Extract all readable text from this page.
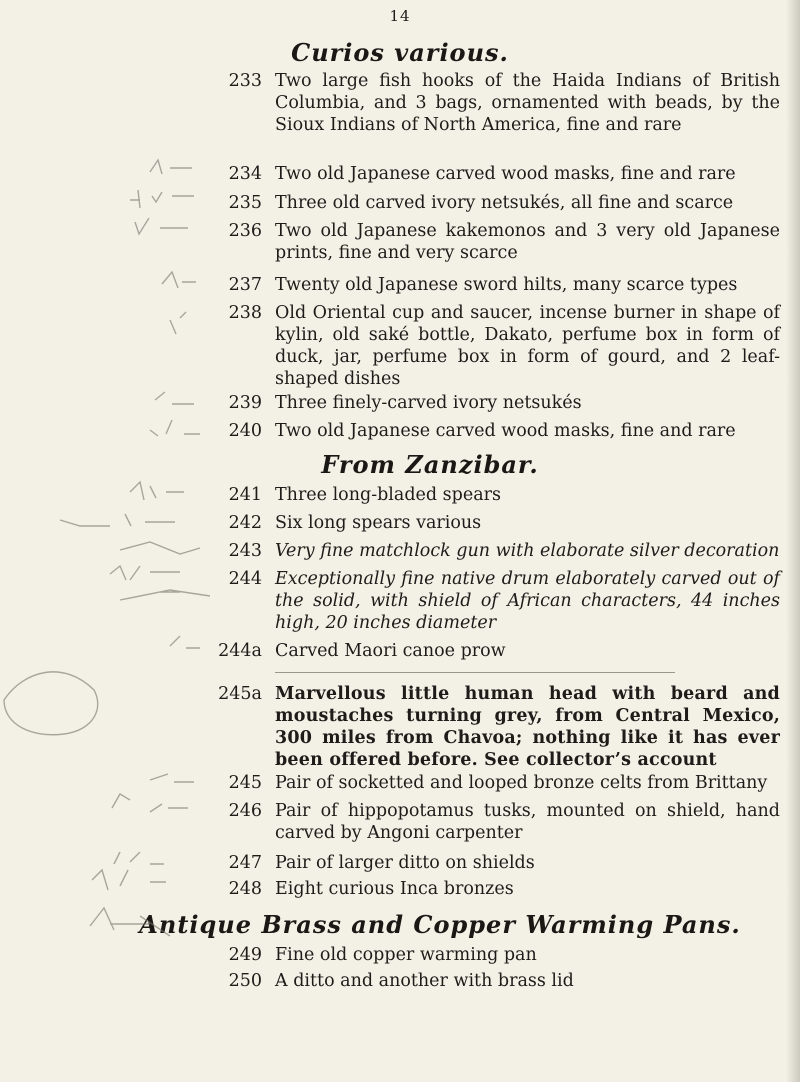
14
Curios various.
233 Two large fish hooks of the Haida Indians of British Columbia, and 3 bags, ornamented with beads, by the Sioux Indians of North America, fine and rare
234 Two old Japanese carved wood masks, fine and rare
235 Three old carved ivory netsukés, all fine and scarce
236 Two old Japanese kakemonos and 3 very old Japanese prints, fine and very scarce
237 Twenty old Japanese sword hilts, many scarce types
238 Old Oriental cup and saucer, incense burner in shape of kylin, old saké bottle, Dakato, perfume box in form of duck, jar, perfume box in form of gourd, and 2 leaf-shaped dishes
239 Three finely-carved ivory netsukés
240 Two old Japanese carved wood masks, fine and rare
From Zanzibar.
241 Three long-bladed spears
242 Six long spears various
243 Very fine matchlock gun with elaborate silver decoration
244 Exceptionally fine native drum elaborately carved out of the solid, with shield of African characters, 44 inches high, 20 inches diameter
244a Carved Maori canoe prow
245a Marvellous little human head with beard and moustaches turning grey, from Central Mexico, 300 miles from Chavoa; nothing like it has ever been offered before. See collector’s account
245 Pair of socketted and looped bronze celts from Brittany
246 Pair of hippopotamus tusks, mounted on shield, hand carved by Angoni carpenter
247 Pair of larger ditto on shields
248 Eight curious Inca bronzes
Antique Brass and Copper Warming Pans.
249 Fine old copper warming pan
250 A ditto and another with brass lid
